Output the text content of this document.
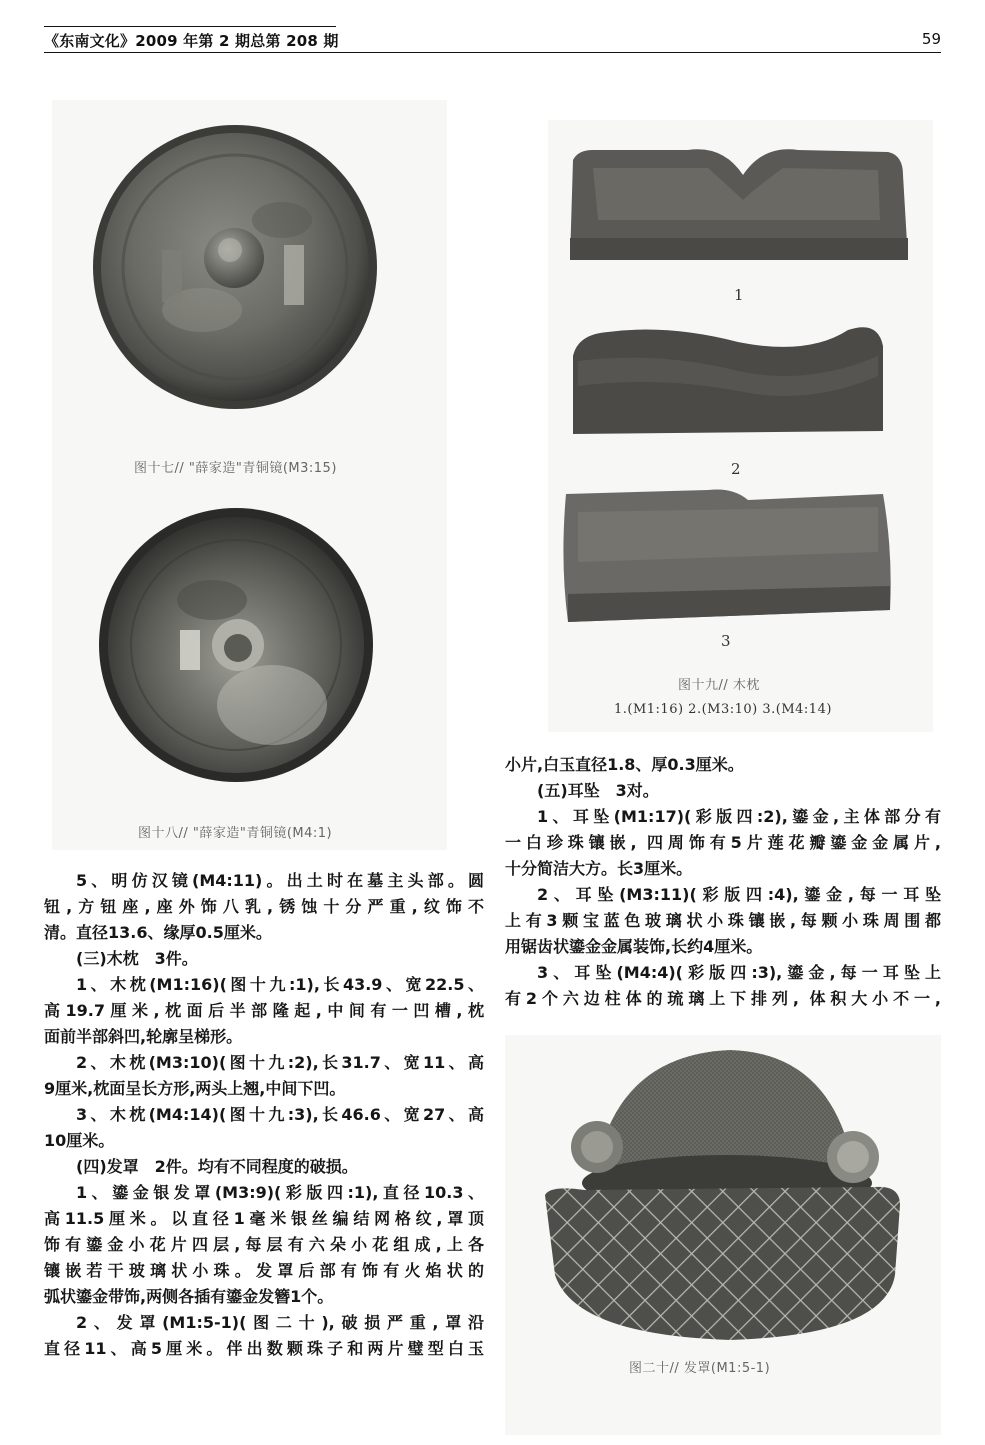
《东南文化》2009 年第 2 期总第 208 期	59
图十七// "薛家造"青铜镜(M3:15)
图十八// "薛家造"青铜镜(M4:1)
1
2
3
图十九// 木枕
1.(M1:16) 2.(M3:10) 3.(M4:14)

小片,白玉直径1.8、厚0.3厘米。

(五)耳坠　3对。

1、耳坠(M1:17)(彩版四:2),鎏金,主体部分有

一白珍珠镶嵌, 四周饰有5片莲花瓣鎏金金属片,

十分简洁大方。长3厘米。

2、耳坠(M3:11)(彩版四:4),鎏金,每一耳坠

上有3颗宝蓝色玻璃状小珠镶嵌,每颗小珠周围都

用锯齿状鎏金金属装饰,长约4厘米。

3、耳坠(M4:4)(彩版四:3),鎏金,每一耳坠上

有2个六边柱体的琉璃上下排列, 体积大小不一,

图二十// 发罩(M1:5-1)

5、明仿汉镜(M4:11)。出土时在墓主头部。圆

钮,方钮座,座外饰八乳,锈蚀十分严重,纹饰不

清。直径13.6、缘厚0.5厘米。

(三)木枕　3件。

1、木枕(M1:16)(图十九:1),长43.9、宽22.5、

高19.7厘米,枕面后半部隆起,中间有一凹槽,枕

面前半部斜凹,轮廓呈梯形。

2、木枕(M3:10)(图十九:2),长31.7、宽11、高

9厘米,枕面呈长方形,两头上翘,中间下凹。

3、木枕(M4:14)(图十九:3),长46.6、宽27、高

10厘米。

(四)发罩　2件。均有不同程度的破损。

1、鎏金银发罩(M3:9)(彩版四:1),直径10.3、

高11.5厘米。以直径1毫米银丝编结网格纹,罩顶

饰有鎏金小花片四层,每层有六朵小花组成,上各

镶嵌若干玻璃状小珠。发罩后部有饰有火焰状的

弧状鎏金带饰,两侧各插有鎏金发簪1个。

2、发罩(M1:5-1)(图二十),破损严重,罩沿

直径11、高5厘米。伴出数颗珠子和两片璧型白玉
